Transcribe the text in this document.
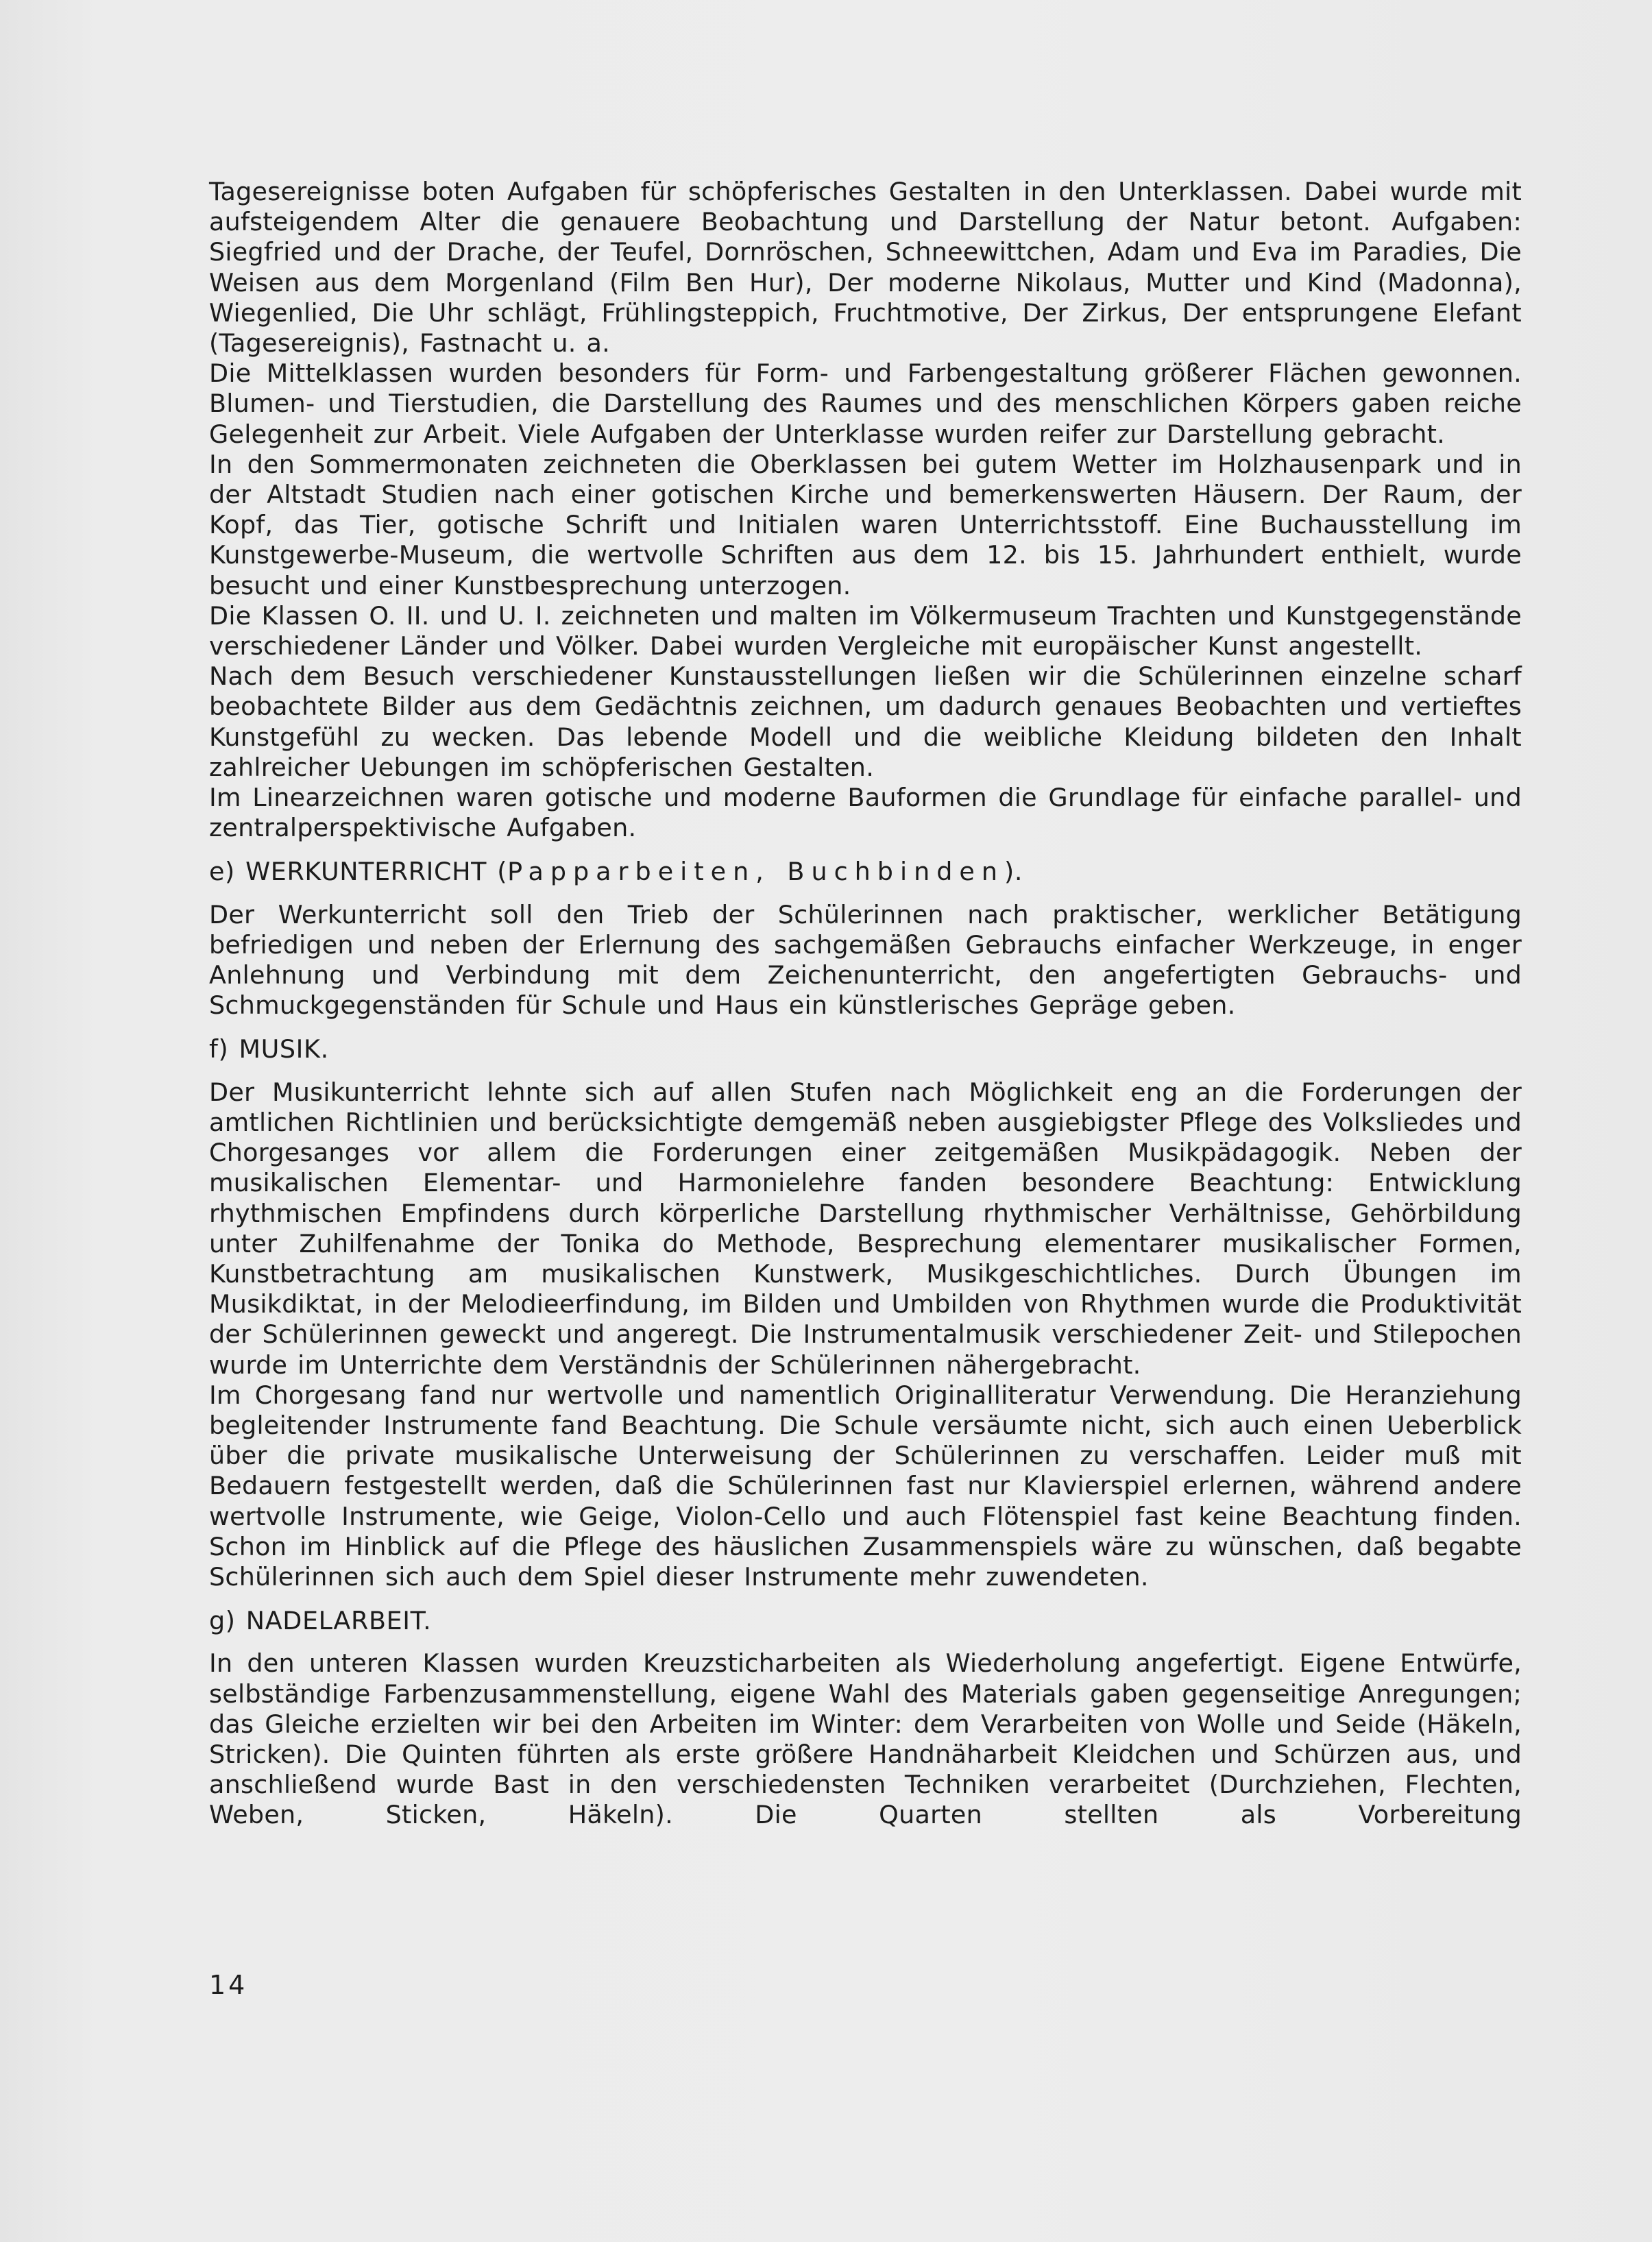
Tagesereignisse boten Aufgaben für schöpferisches Gestalten in den Unterklassen. Dabei wurde mit aufsteigendem Alter die genauere Beobachtung und Darstellung der Natur betont. Aufgaben: Siegfried und der Drache, der Teufel, Dornröschen, Schneewittchen, Adam und Eva im Paradies, Die Weisen aus dem Morgenland (Film Ben Hur), Der moderne Nikolaus, Mutter und Kind (Madonna), Wiegenlied, Die Uhr schlägt, Frühlingsteppich, Fruchtmotive, Der Zirkus, Der entsprungene Elefant (Tagesereignis), Fastnacht u. a.

Die Mittelklassen wurden besonders für Form- und Farbengestaltung größerer Flächen gewonnen. Blumen- und Tierstudien, die Darstellung des Raumes und des menschlichen Körpers gaben reiche Gelegenheit zur Arbeit. Viele Aufgaben der Unterklasse wurden reifer zur Darstellung gebracht.

In den Sommermonaten zeichneten die Oberklassen bei gutem Wetter im Holzhausenpark und in der Altstadt Studien nach einer gotischen Kirche und bemerkenswerten Häusern. Der Raum, der Kopf, das Tier, gotische Schrift und Initialen waren Unterrichtsstoff. Eine Buchausstellung im Kunstgewerbe-Museum, die wertvolle Schriften aus dem 12. bis 15. Jahrhundert enthielt, wurde besucht und einer Kunstbesprechung unterzogen.

Die Klassen O. II. und U. I. zeichneten und malten im Völkermuseum Trachten und Kunstgegenstände verschiedener Länder und Völker. Dabei wurden Vergleiche mit europäischer Kunst angestellt.

Nach dem Besuch verschiedener Kunstausstellungen ließen wir die Schülerinnen einzelne scharf beobachtete Bilder aus dem Gedächtnis zeichnen, um dadurch genaues Beobachten und vertieftes Kunstgefühl zu wecken. Das lebende Modell und die weibliche Kleidung bildeten den Inhalt zahlreicher Uebungen im schöpferischen Gestalten.

Im Linearzeichnen waren gotische und moderne Bauformen die Grundlage für einfache parallel- und zentralperspektivische Aufgaben.

e) WERKUNTERRICHT (Papparbeiten, Buchbinden).

Der Werkunterricht soll den Trieb der Schülerinnen nach praktischer, werklicher Betätigung befriedigen und neben der Erlernung des sachgemäßen Gebrauchs einfacher Werkzeuge, in enger Anlehnung und Verbindung mit dem Zeichenunterricht, den angefertigten Gebrauchs- und Schmuckgegenständen für Schule und Haus ein künstlerisches Gepräge geben.

f) MUSIK.

Der Musikunterricht lehnte sich auf allen Stufen nach Möglichkeit eng an die Forderungen der amtlichen Richtlinien und berücksichtigte demgemäß neben ausgiebigster Pflege des Volksliedes und Chorgesanges vor allem die Forderungen einer zeitgemäßen Musikpädagogik. Neben der musikalischen Elementar- und Harmonielehre fanden besondere Beachtung: Entwicklung rhythmischen Empfindens durch körperliche Darstellung rhythmischer Verhältnisse, Gehörbildung unter Zuhilfenahme der Tonika do Methode, Besprechung elementarer musikalischer Formen, Kunstbetrachtung am musikalischen Kunstwerk, Musikgeschichtliches. Durch Übungen im Musikdiktat, in der Melodieerfindung, im Bilden und Umbilden von Rhythmen wurde die Produktivität der Schülerinnen geweckt und angeregt. Die Instrumentalmusik verschiedener Zeit- und Stilepochen wurde im Unterrichte dem Verständnis der Schülerinnen nähergebracht.

Im Chorgesang fand nur wertvolle und namentlich Originalliteratur Verwendung. Die Heranziehung begleitender Instrumente fand Beachtung. Die Schule versäumte nicht, sich auch einen Ueberblick über die private musikalische Unterweisung der Schülerinnen zu verschaffen. Leider muß mit Bedauern festgestellt werden, daß die Schülerinnen fast nur Klavierspiel erlernen, während andere wertvolle Instrumente, wie Geige, Violon-Cello und auch Flötenspiel fast keine Beachtung finden. Schon im Hinblick auf die Pflege des häuslichen Zusammenspiels wäre zu wünschen, daß begabte Schülerinnen sich auch dem Spiel dieser Instrumente mehr zuwendeten.

g) NADELARBEIT.

In den unteren Klassen wurden Kreuzsticharbeiten als Wiederholung angefertigt. Eigene Entwürfe, selbständige Farbenzusammenstellung, eigene Wahl des Materials gaben gegenseitige Anregungen; das Gleiche erzielten wir bei den Arbeiten im Winter: dem Verarbeiten von Wolle und Seide (Häkeln, Stricken). Die Quinten führten als erste größere Handnäharbeit Kleidchen und Schürzen aus, und anschließend wurde Bast in den verschiedensten Techniken verarbeitet (Durchziehen, Flechten, Weben, Sticken, Häkeln). Die Quarten stellten als Vorbereitung

14
